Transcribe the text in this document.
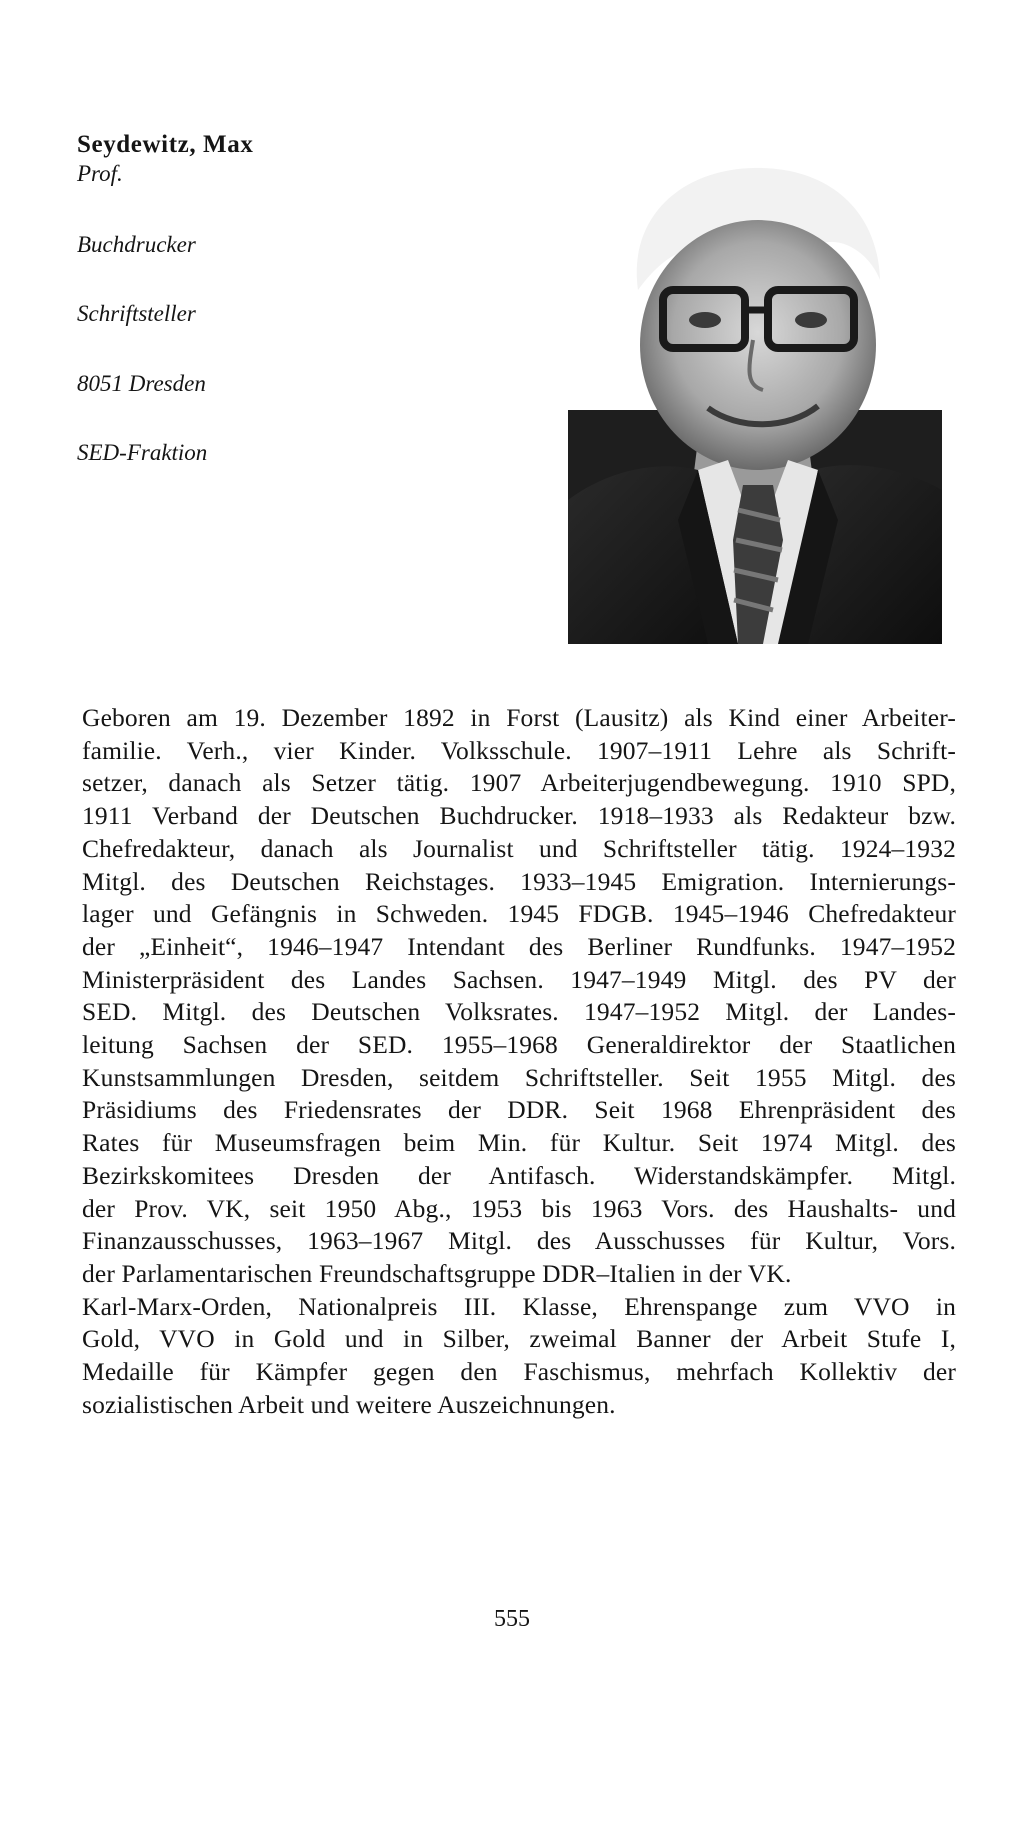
Seydewitz, Max

Prof.

Buchdrucker
Schriftsteller
8051 Dresden
SED-Fraktion
Geboren am 19. Dezember 1892 in Forst (Lausitz) als Kind einer Arbeiter-
familie. Verh., vier Kinder. Volksschule. 1907–1911 Lehre als Schrift-
setzer, danach als Setzer tätig. 1907 Arbeiterjugendbewegung. 1910 SPD,
1911 Verband der Deutschen Buchdrucker. 1918–1933 als Redakteur bzw.
Chefredakteur, danach als Journalist und Schriftsteller tätig. 1924–1932
Mitgl. des Deutschen Reichstages. 1933–1945 Emigration. Internierungs-
lager und Gefängnis in Schweden. 1945 FDGB. 1945–1946 Chefredakteur
der „Einheit“, 1946–1947 Intendant des Berliner Rundfunks. 1947–1952
Ministerpräsident des Landes Sachsen. 1947–1949 Mitgl. des PV der
SED. Mitgl. des Deutschen Volksrates. 1947–1952 Mitgl. der Landes-
leitung Sachsen der SED. 1955–1968 Generaldirektor der Staatlichen
Kunstsammlungen Dresden, seitdem Schriftsteller. Seit 1955 Mitgl. des
Präsidiums des Friedensrates der DDR. Seit 1968 Ehrenpräsident des
Rates für Museumsfragen beim Min. für Kultur. Seit 1974 Mitgl. des
Bezirkskomitees Dresden der Antifasch. Widerstandskämpfer. Mitgl.
der Prov. VK, seit 1950 Abg., 1953 bis 1963 Vors. des Haushalts- und
Finanzausschusses, 1963–1967 Mitgl. des Ausschusses für Kultur, Vors.
der Parlamentarischen Freundschaftsgruppe DDR–Italien in der VK.
Karl-Marx-Orden, Nationalpreis III. Klasse, Ehrenspange zum VVO in
Gold, VVO in Gold und in Silber, zweimal Banner der Arbeit Stufe I,
Medaille für Kämpfer gegen den Faschismus, mehrfach Kollektiv der
sozialistischen Arbeit und weitere Auszeichnungen.
555
